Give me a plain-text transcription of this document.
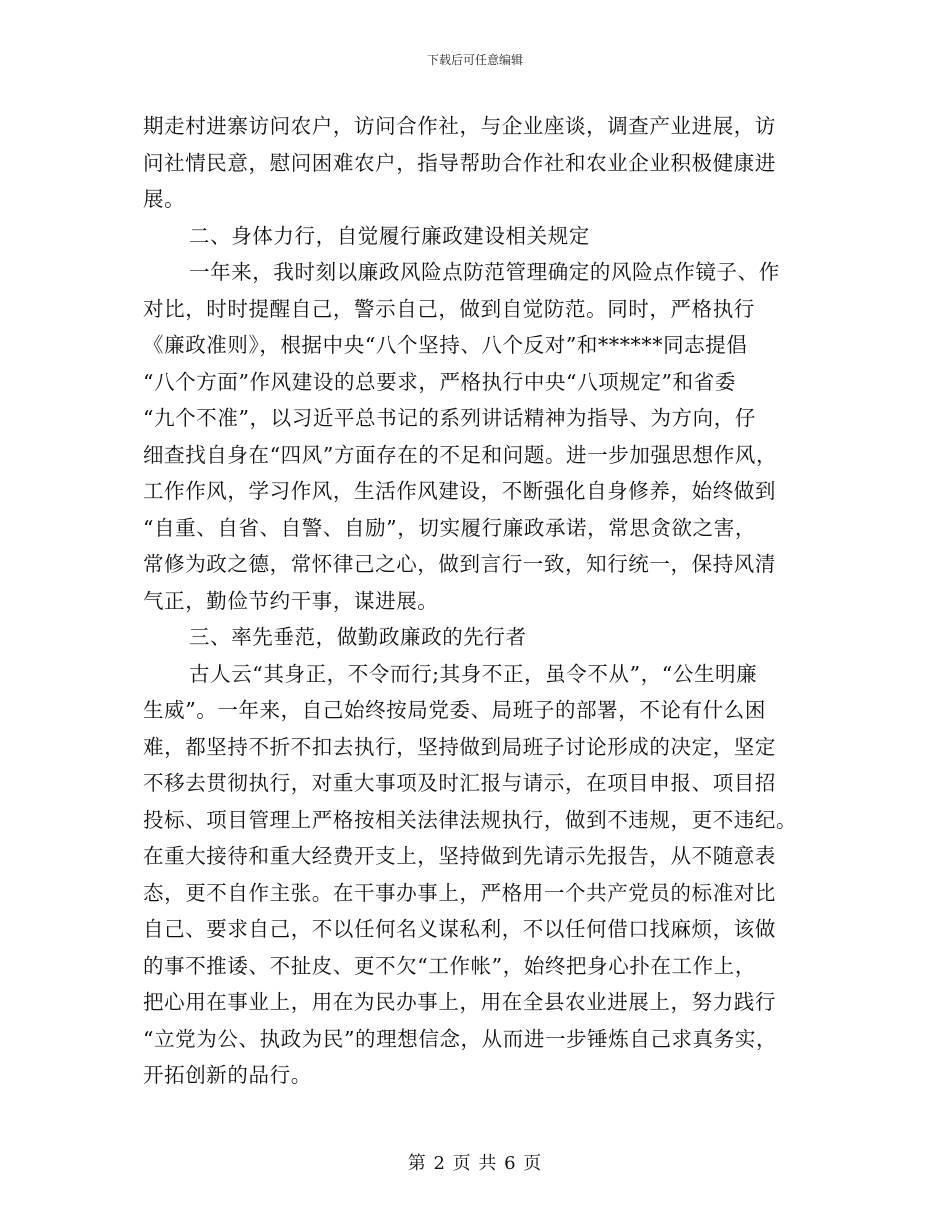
下载后可任意编辑
期走村进寨访问农户，访问合作社，与企业座谈，调查产业进展，访
问社情民意，慰问困难农户，指导帮助合作社和农业企业积极健康进
展。
二、身体力行，自觉履行廉政建设相关规定
一年来，我时刻以廉政风险点防范管理确定的风险点作镜子、作
对比，时时提醒自己，警示自己，做到自觉防范。同时，严格执行
《廉政准则》，根据中央“八个坚持、八个反对”和******同志提倡
“八个方面”作风建设的总要求，严格执行中央“八项规定”和省委
“九个不准”，以习近平总书记的系列讲话精神为指导、为方向，仔
细查找自身在“四风”方面存在的不足和问题。进一步加强思想作风，
工作作风，学习作风，生活作风建设，不断强化自身修养，始终做到
“自重、自省、自警、自励”，切实履行廉政承诺，常思贪欲之害，
常修为政之德，常怀律己之心，做到言行一致，知行统一，保持风清
气正，勤俭节约干事，谋进展。
三、率先垂范，做勤政廉政的先行者
古人云“其身正，不令而行;其身不正，虽令不从”，“公生明廉
生威”。一年来，自己始终按局党委、局班子的部署，不论有什么困
难，都坚持不折不扣去执行，坚持做到局班子讨论形成的决定，坚定
不移去贯彻执行，对重大事项及时汇报与请示，在项目申报、项目招
投标、项目管理上严格按相关法律法规执行，做到不违规，更不违纪。
在重大接待和重大经费开支上，坚持做到先请示先报告，从不随意表
态，更不自作主张。在干事办事上，严格用一个共产党员的标准对比
自己、要求自己，不以任何名义谋私利，不以任何借口找麻烦，该做
的事不推诿、不扯皮、更不欠“工作帐”，始终把身心扑在工作上，
把心用在事业上，用在为民办事上，用在全县农业进展上，努力践行
“立党为公、执政为民”的理想信念，从而进一步锤炼自己求真务实，
开拓创新的品行。
第 2 页 共 6 页
